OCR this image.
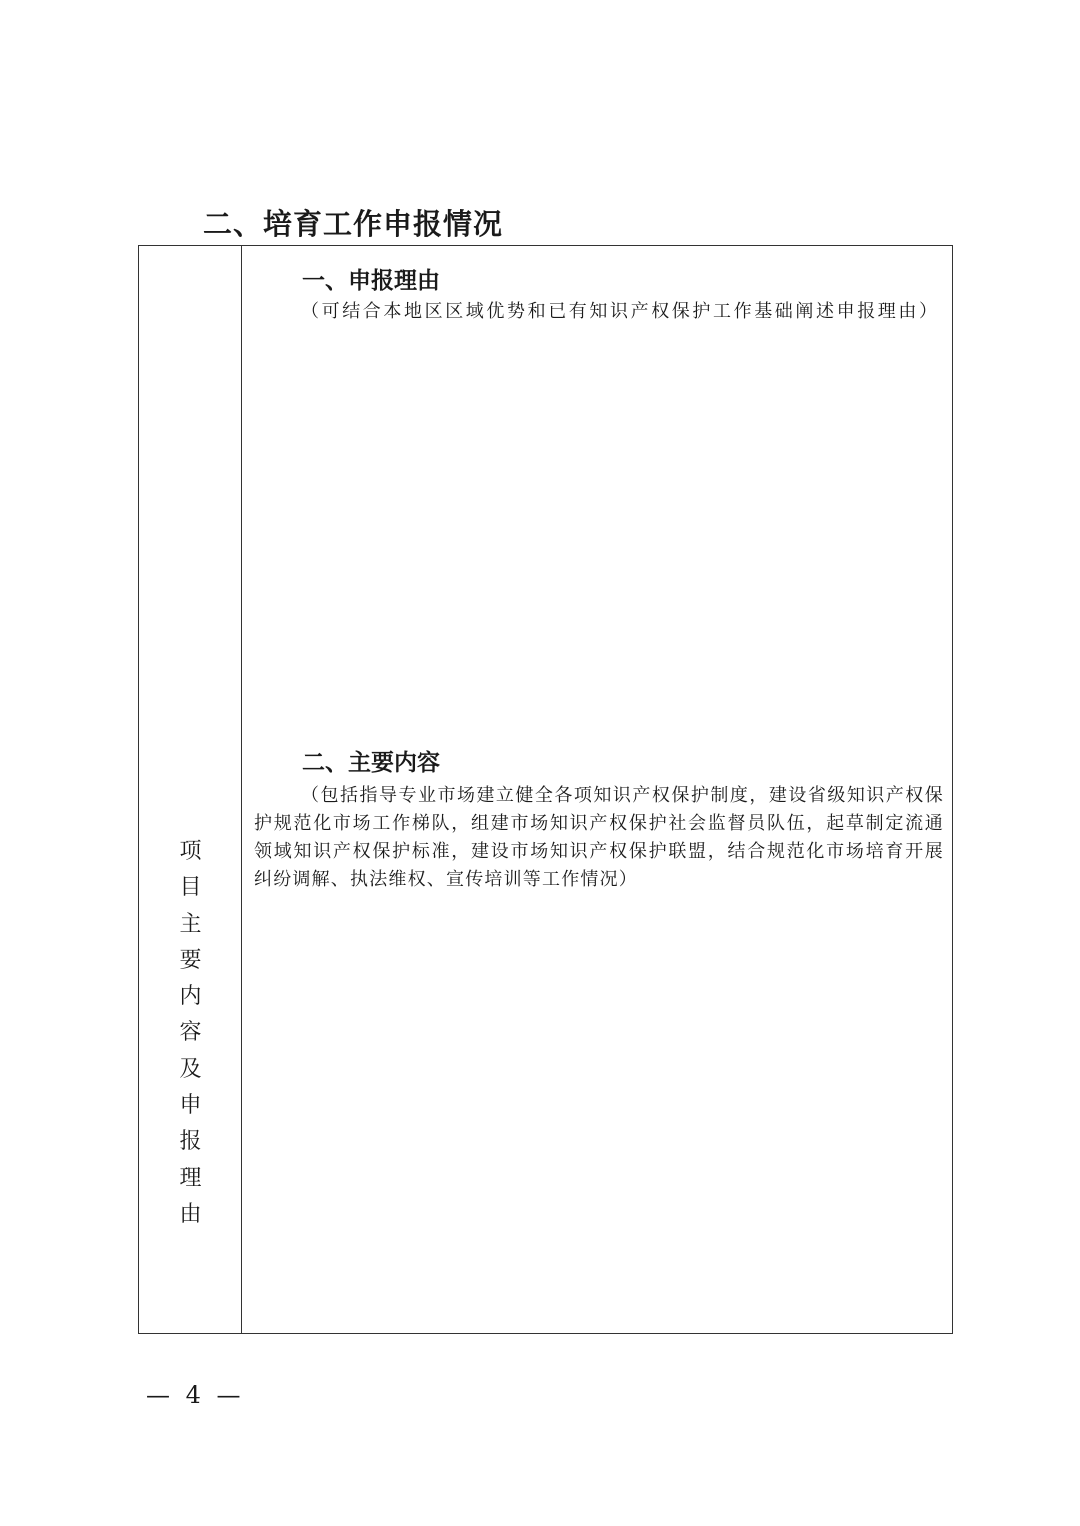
二、培育工作申报情况
项
目
主
要
内
容
及
申
报
理
由
一、申报理由
（可结合本地区区域优势和已有知识产权保护工作基础阐述申报理由）
二、主要内容
（包括指导专业市场建立健全各项知识产权保护制度，建设省级知识产权保护规范化市场工作梯队，组建市场知识产权保护社会监督员队伍，起草制定流通领域知识产权保护标准，建设市场知识产权保护联盟，结合规范化市场培育开展纠纷调解、执法维权、宣传培训等工作情况）
— 4 —
